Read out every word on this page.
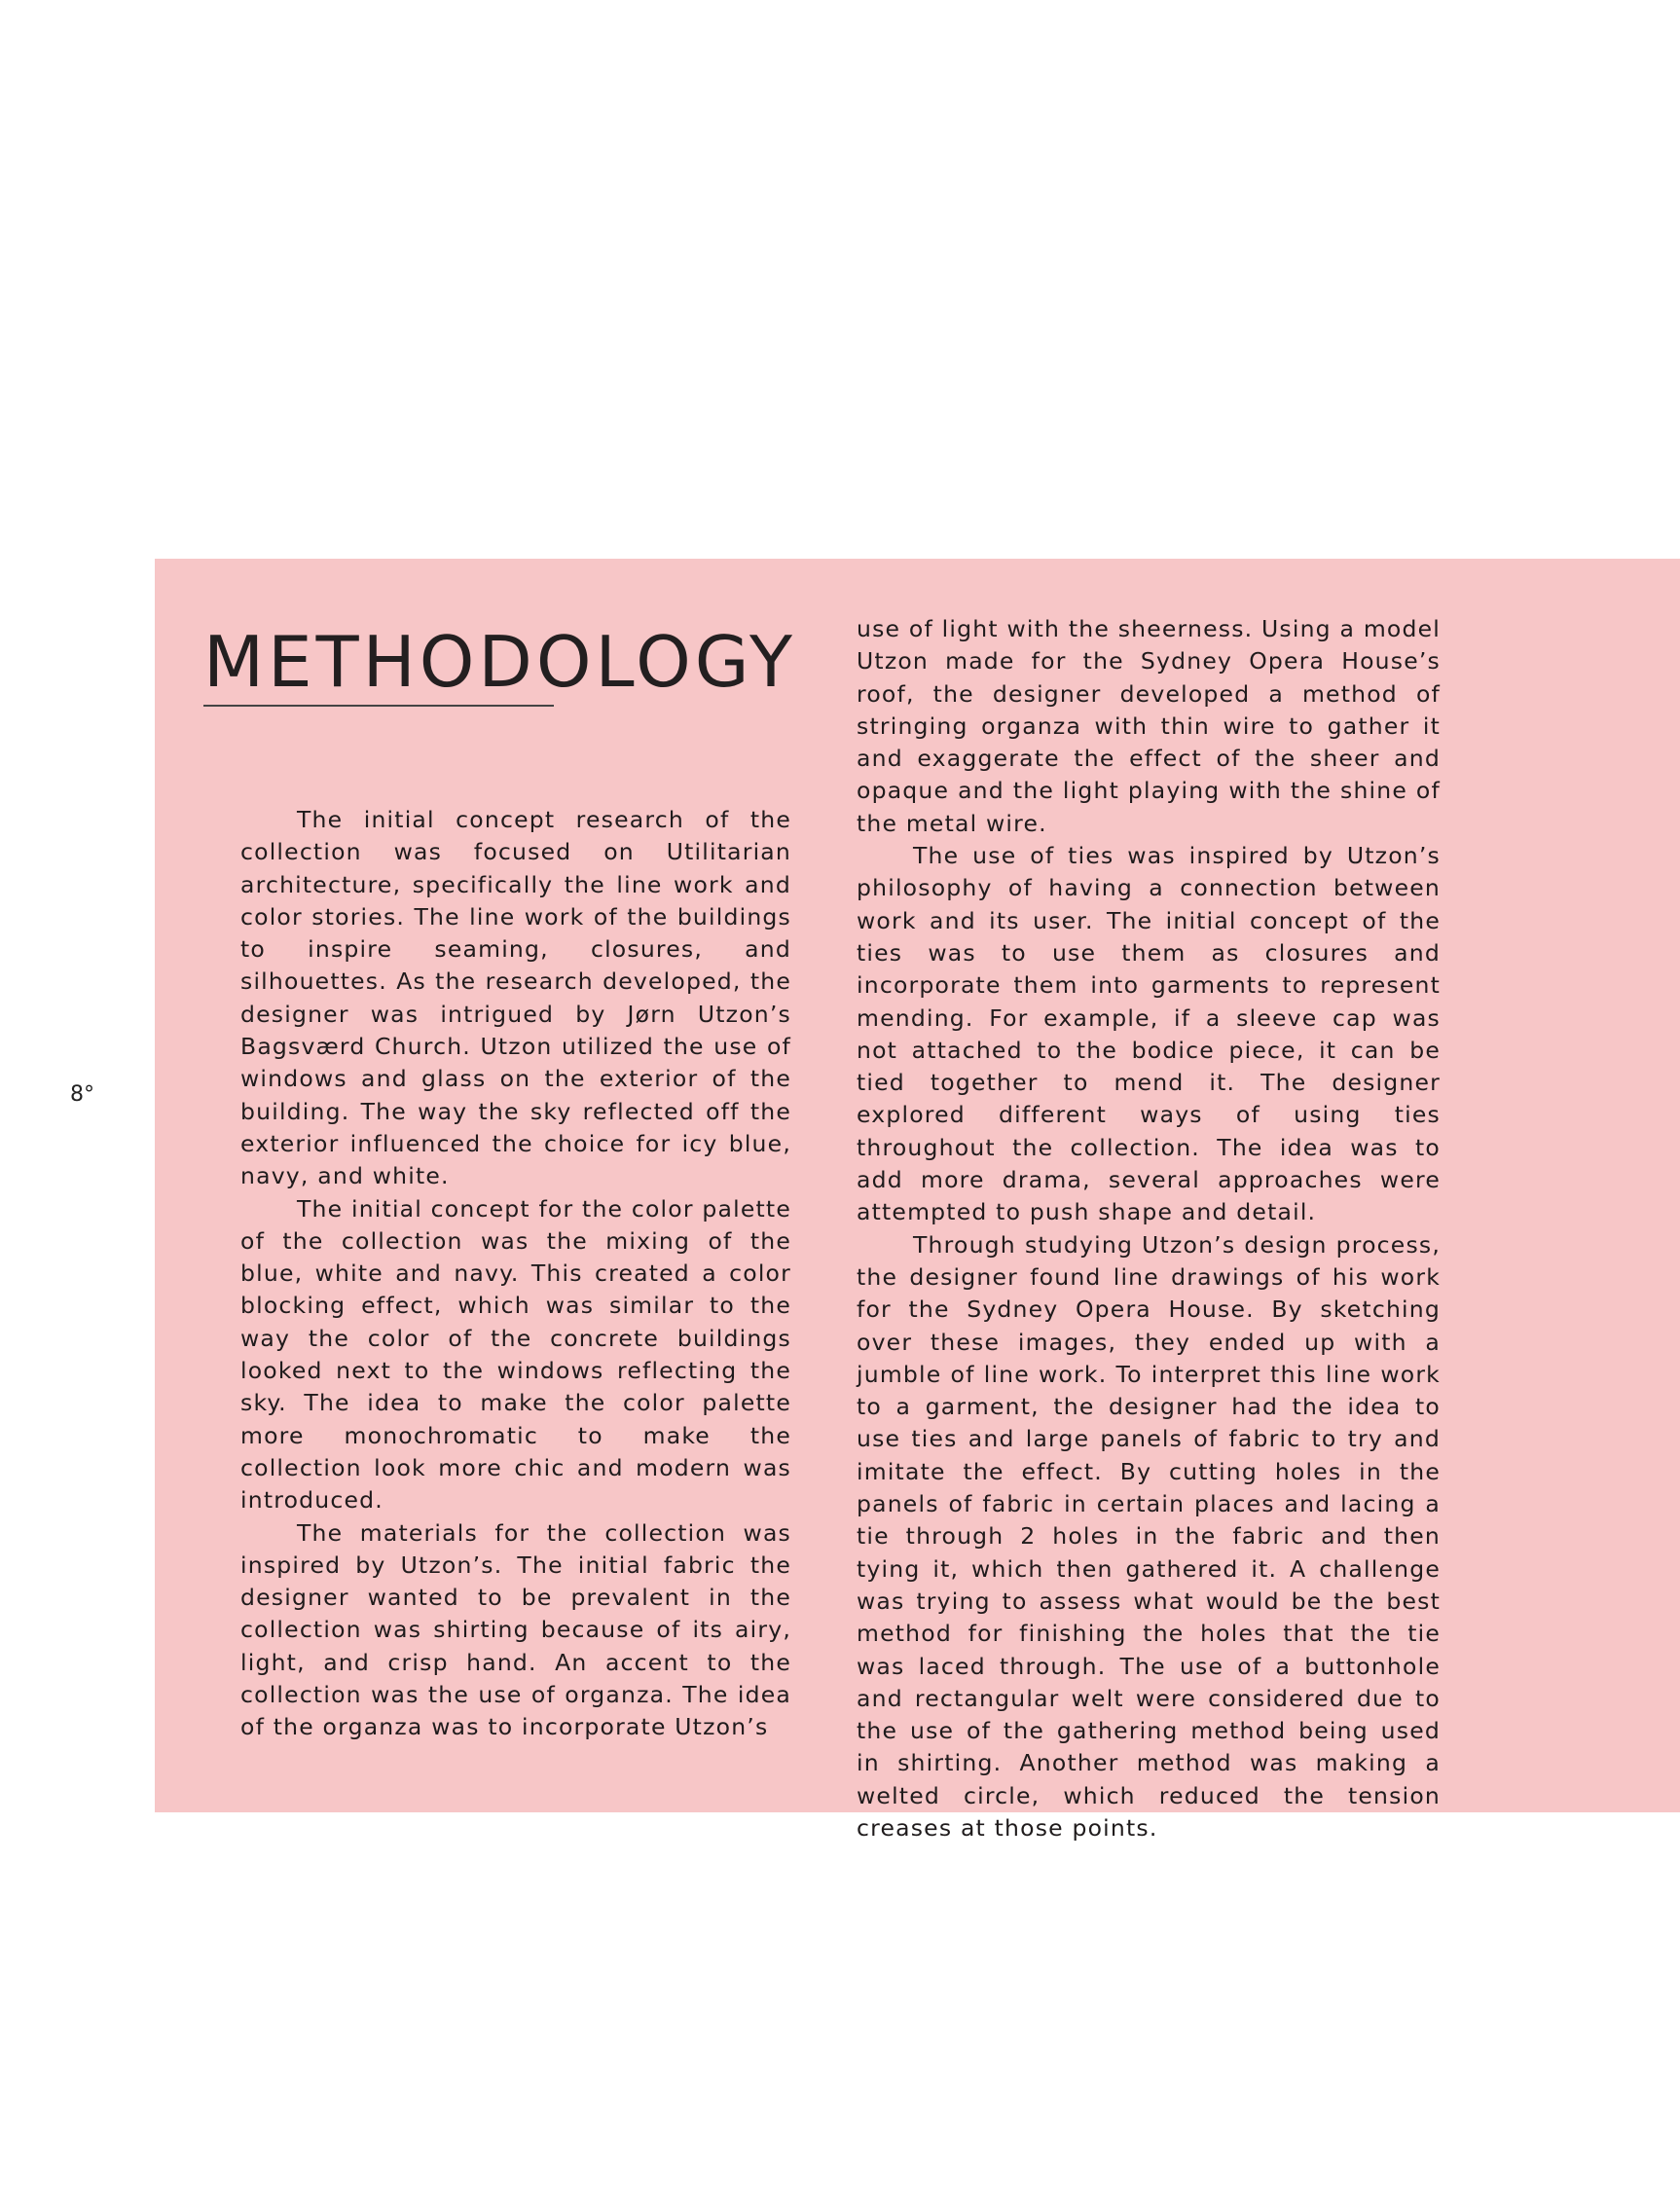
8°

METHODOLOGY

The initial concept research of the collection was focused on Utilitarian architecture, specifically the line work and color stories. The line work of the buildings to inspire seaming, closures, and silhouettes. As the research developed, the designer was intrigued by Jørn Utzon’s Bagsværd Church. Utzon utilized the use of windows and glass on the exterior of the building. The way the sky reflected off the exterior influenced the choice for icy blue, navy, and white.

The initial concept for the color palette of the collection was the mixing of the blue, white and navy. This created a color blocking effect, which was similar to the way the color of the concrete buildings looked next to the windows reflecting the sky. The idea to make the color palette more monochromatic to make the collection look more chic and modern was introduced.

The materials for the collection was inspired by Utzon’s. The initial fabric the designer wanted to be prevalent in the collection was shirting because of its airy, light, and crisp hand. An accent to the collection was the use of organza. The idea of the organza was to incorporate Utzon’s

use of light with the sheerness. Using a model Utzon made for the Sydney Opera House’s roof, the designer developed a method of stringing organza with thin wire to gather it and exaggerate the effect of the sheer and opaque and the light playing with the shine of the metal wire.

The use of ties was inspired by Utzon’s philosophy of having a connection between work and its user. The initial concept of the ties was to use them as closures and incorporate them into garments to represent mending. For example, if a sleeve cap was not attached to the bodice piece, it can be tied together to mend it. The designer explored different ways of using ties throughout the collection. The idea was to add more drama, several approaches were attempted to push shape and detail.

Through studying Utzon’s design process, the designer found line drawings of his work for the Sydney Opera House. By sketching over these images, they ended up with a jumble of line work. To interpret this line work to a garment, the designer had the idea to use ties and large panels of fabric to try and imitate the effect. By cutting holes in the panels of fabric in certain places and lacing a tie through 2 holes in the fabric and then tying it, which then gathered it. A challenge was trying to assess what would be the best method for finishing the holes that the tie was laced through. The use of a buttonhole and rectangular welt were considered due to the use of the gathering method being used in shirting. Another method was making a welted circle, which reduced the tension creases at those points.
